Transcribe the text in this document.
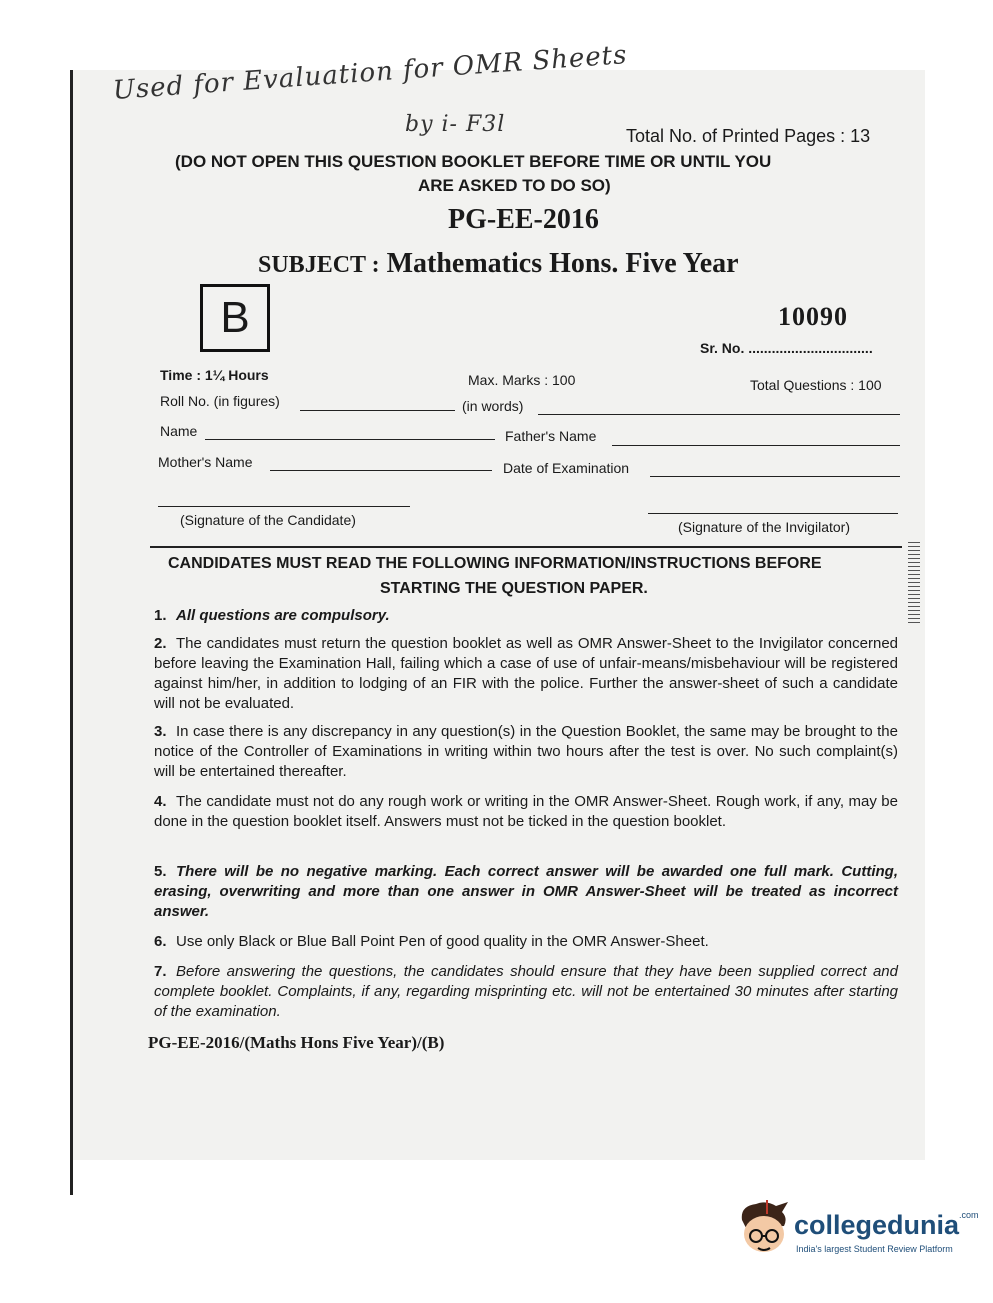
Used for Evaluation for OMR Sheets
by i- F3l	Total No. of Printed Pages : 13
(DO NOT OPEN THIS QUESTION BOOKLET BEFORE TIME OR UNTIL YOU
ARE ASKED TO DO SO)
PG-EE-2016
SUBJECT : Mathematics Hons. Five Year
B	10090
Sr. No. ................................
Time : 1¼ Hours	Max. Marks : 100	Total Questions : 100
Roll No. (in figures)	(in words)
Name	Father's Name
Mother's Name	Date of Examination
(Signature of the Candidate)	(Signature of the Invigilator)
CANDIDATES MUST READ THE FOLLOWING INFORMATION/INSTRUCTIONS BEFORE
STARTING THE QUESTION PAPER.
1. All questions are compulsory.
2. The candidates must return the question booklet as well as OMR Answer-Sheet to the Invigilator concerned before leaving the Examination Hall, failing which a case of use of unfair-means/misbehaviour will be registered against him/her, in addition to lodging of an FIR with the police. Further the answer-sheet of such a candidate will not be evaluated.
3. In case there is any discrepancy in any question(s) in the Question Booklet, the same may be brought to the notice of the Controller of Examinations in writing within two hours after the test is over. No such complaint(s) will be entertained thereafter.
4. The candidate must not do any rough work or writing in the OMR Answer-Sheet. Rough work, if any, may be done in the question booklet itself. Answers must not be ticked in the question booklet.
5. There will be no negative marking. Each correct answer will be awarded one full mark. Cutting, erasing, overwriting and more than one answer in OMR Answer-Sheet will be treated as incorrect answer.
6. Use only Black or Blue Ball Point Pen of good quality in the OMR Answer-Sheet.
7. Before answering the questions, the candidates should ensure that they have been supplied correct and complete booklet. Complaints, if any, regarding misprinting etc. will not be entertained 30 minutes after starting of the examination.
PG-EE-2016/(Maths Hons Five Year)/(B)
collegedunia$^{.com}$
India's largest Student Review Platform
